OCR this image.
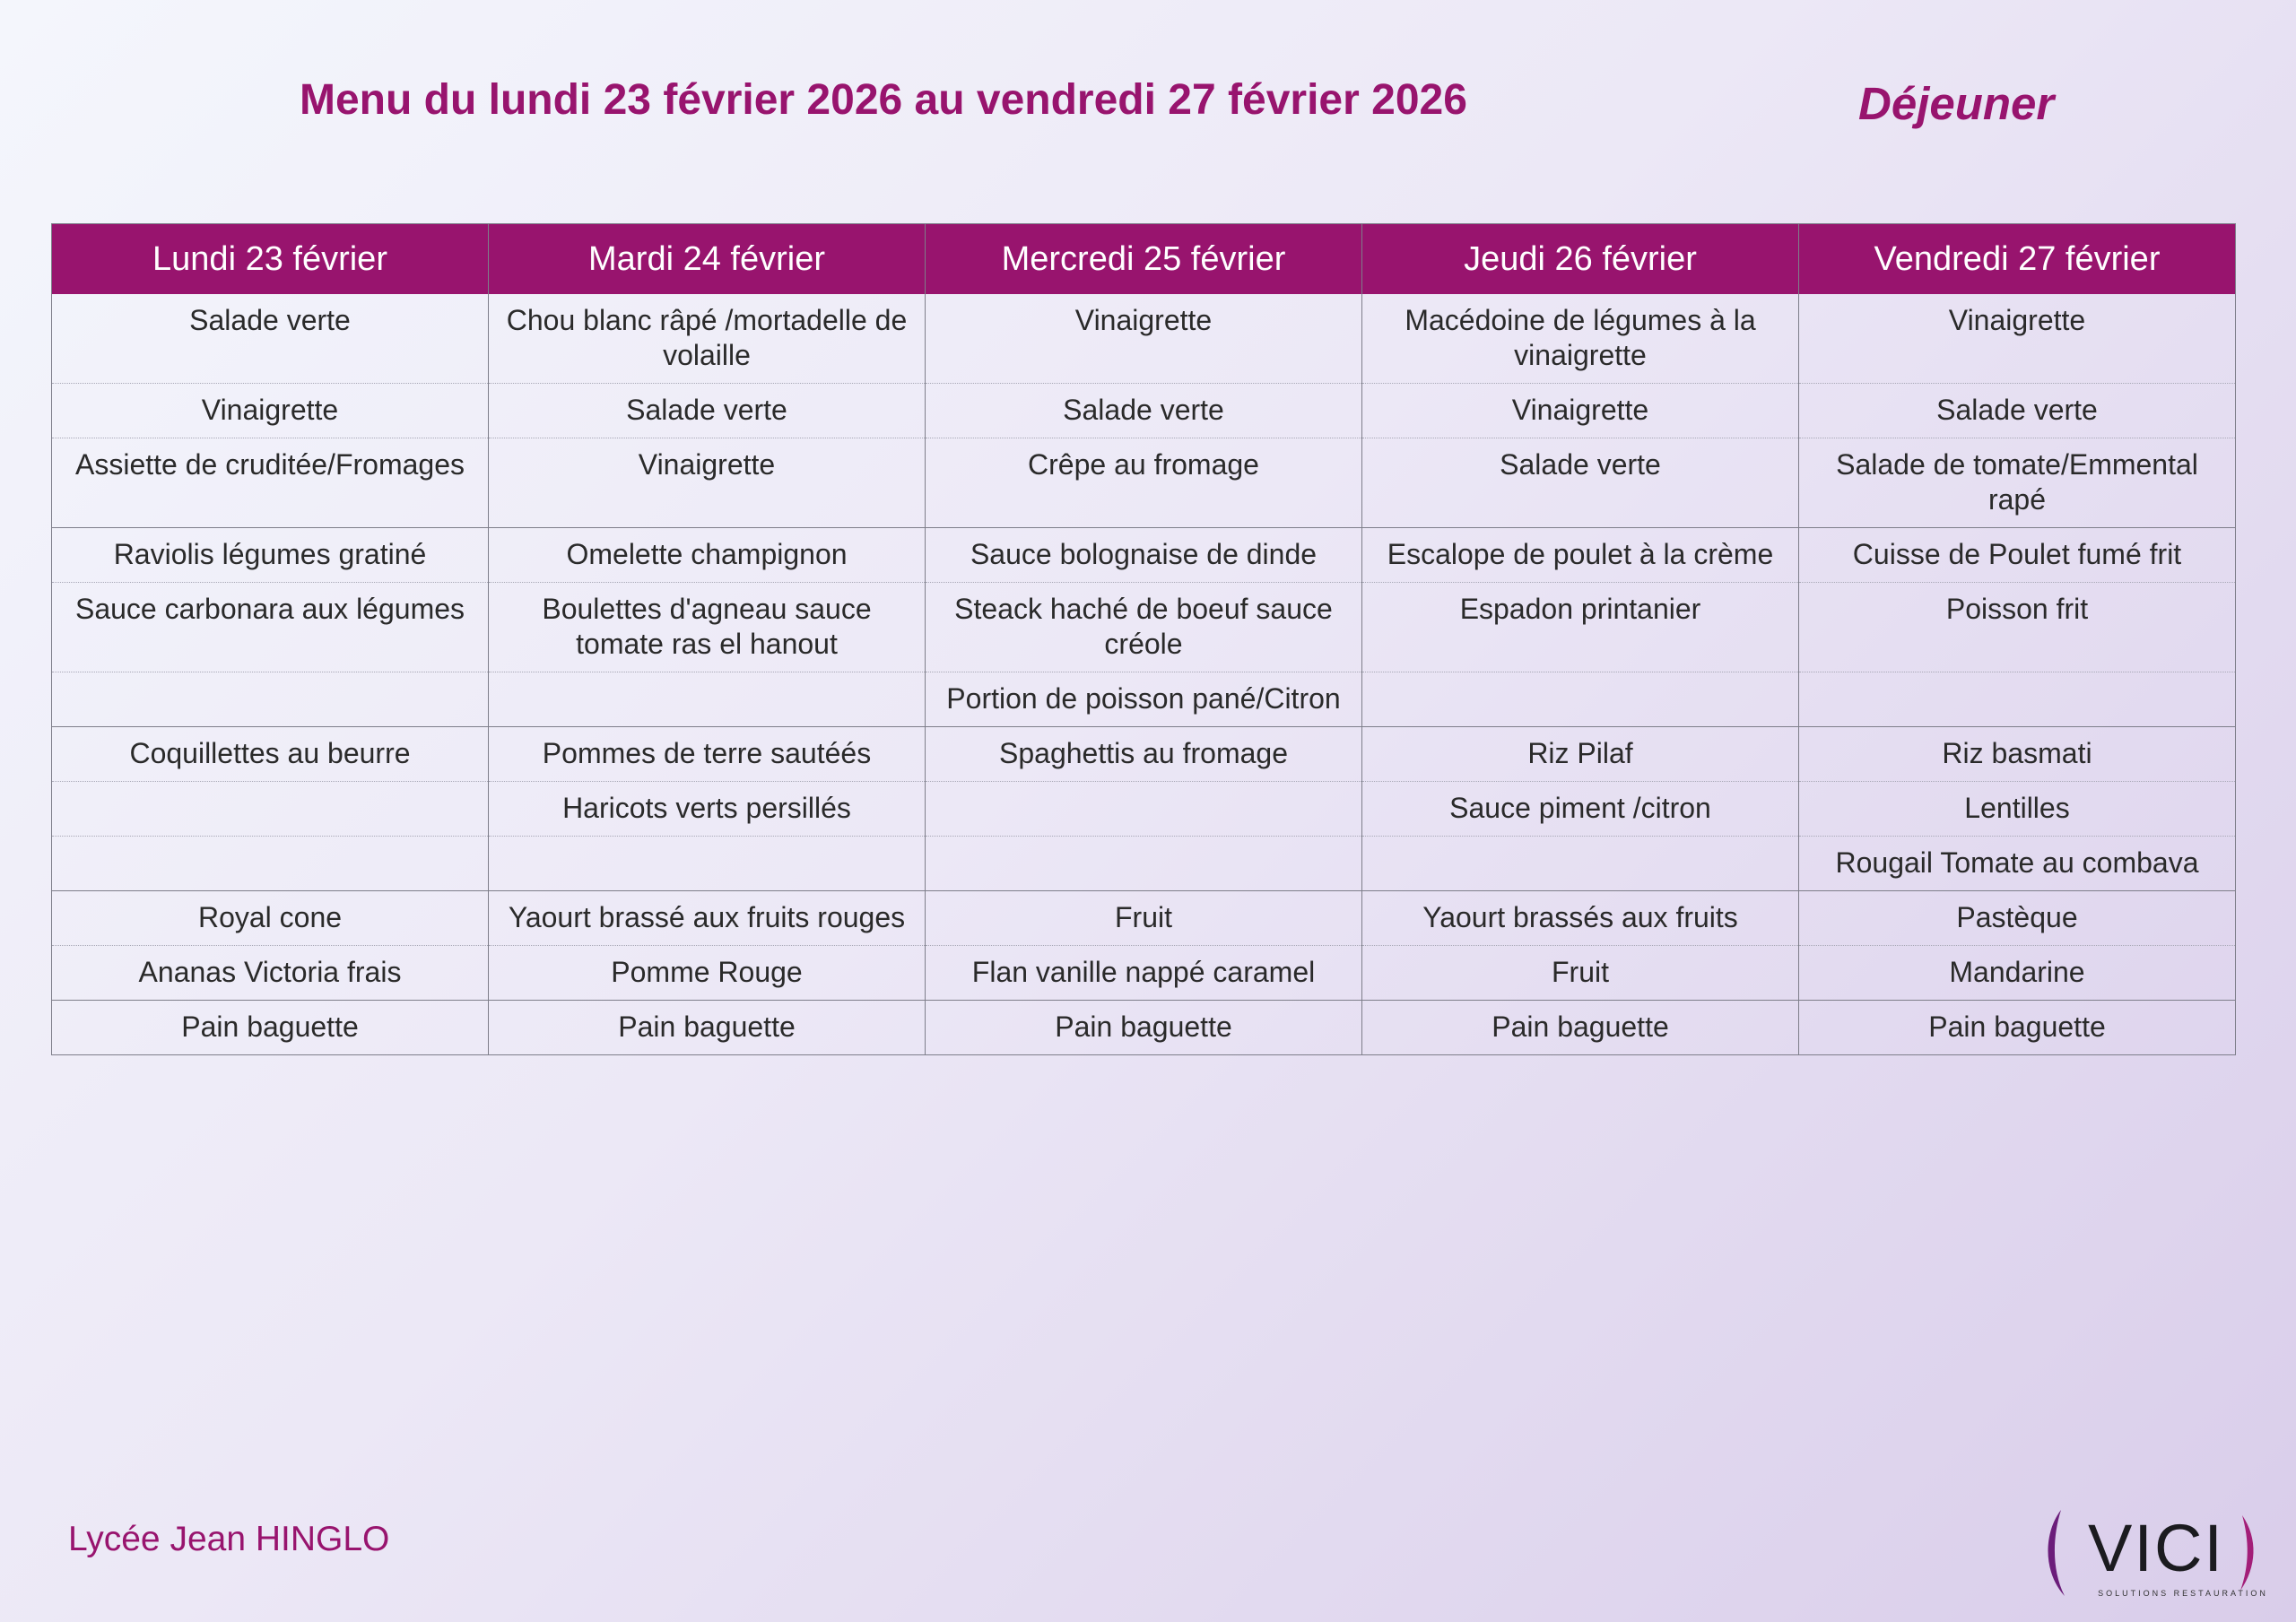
Menu du lundi 23 février 2026 au vendredi 27 février 2026	Déjeuner
Lundi 23 février	Mardi 24 février	Mercredi 25 février	Jeudi 26 février	Vendredi 27 février
Salade verte	Chou blanc râpé /mortadelle de volaille	Vinaigrette	Macédoine de légumes à la vinaigrette	Vinaigrette
Vinaigrette	Salade verte	Salade verte	Vinaigrette	Salade verte
Assiette de cruditée/Fromages	Vinaigrette	Crêpe au fromage	Salade verte	Salade de tomate/Emmental rapé
Raviolis légumes gratiné	Omelette champignon	Sauce bolognaise de dinde	Escalope de poulet à la crème	Cuisse de Poulet fumé frit
Sauce carbonara aux légumes	Boulettes d'agneau sauce tomate ras el hanout	Steack haché de boeuf sauce créole	Espadon printanier	Poisson frit
		Portion de poisson pané/Citron		
Coquillettes au beurre	Pommes de terre sautéés	Spaghettis au fromage	Riz Pilaf	Riz basmati
	Haricots verts persillés		Sauce piment /citron	Lentilles
				Rougail Tomate au combava
Royal cone	Yaourt brassé aux fruits rouges	Fruit	Yaourt brassés aux fruits	Pastèque
Ananas Victoria frais	Pomme Rouge	Flan vanille nappé caramel	Fruit	Mandarine
Pain baguette	Pain baguette	Pain baguette	Pain baguette	Pain baguette
Lycée Jean HINGLO	VICI
SOLUTIONS RESTAURATION
